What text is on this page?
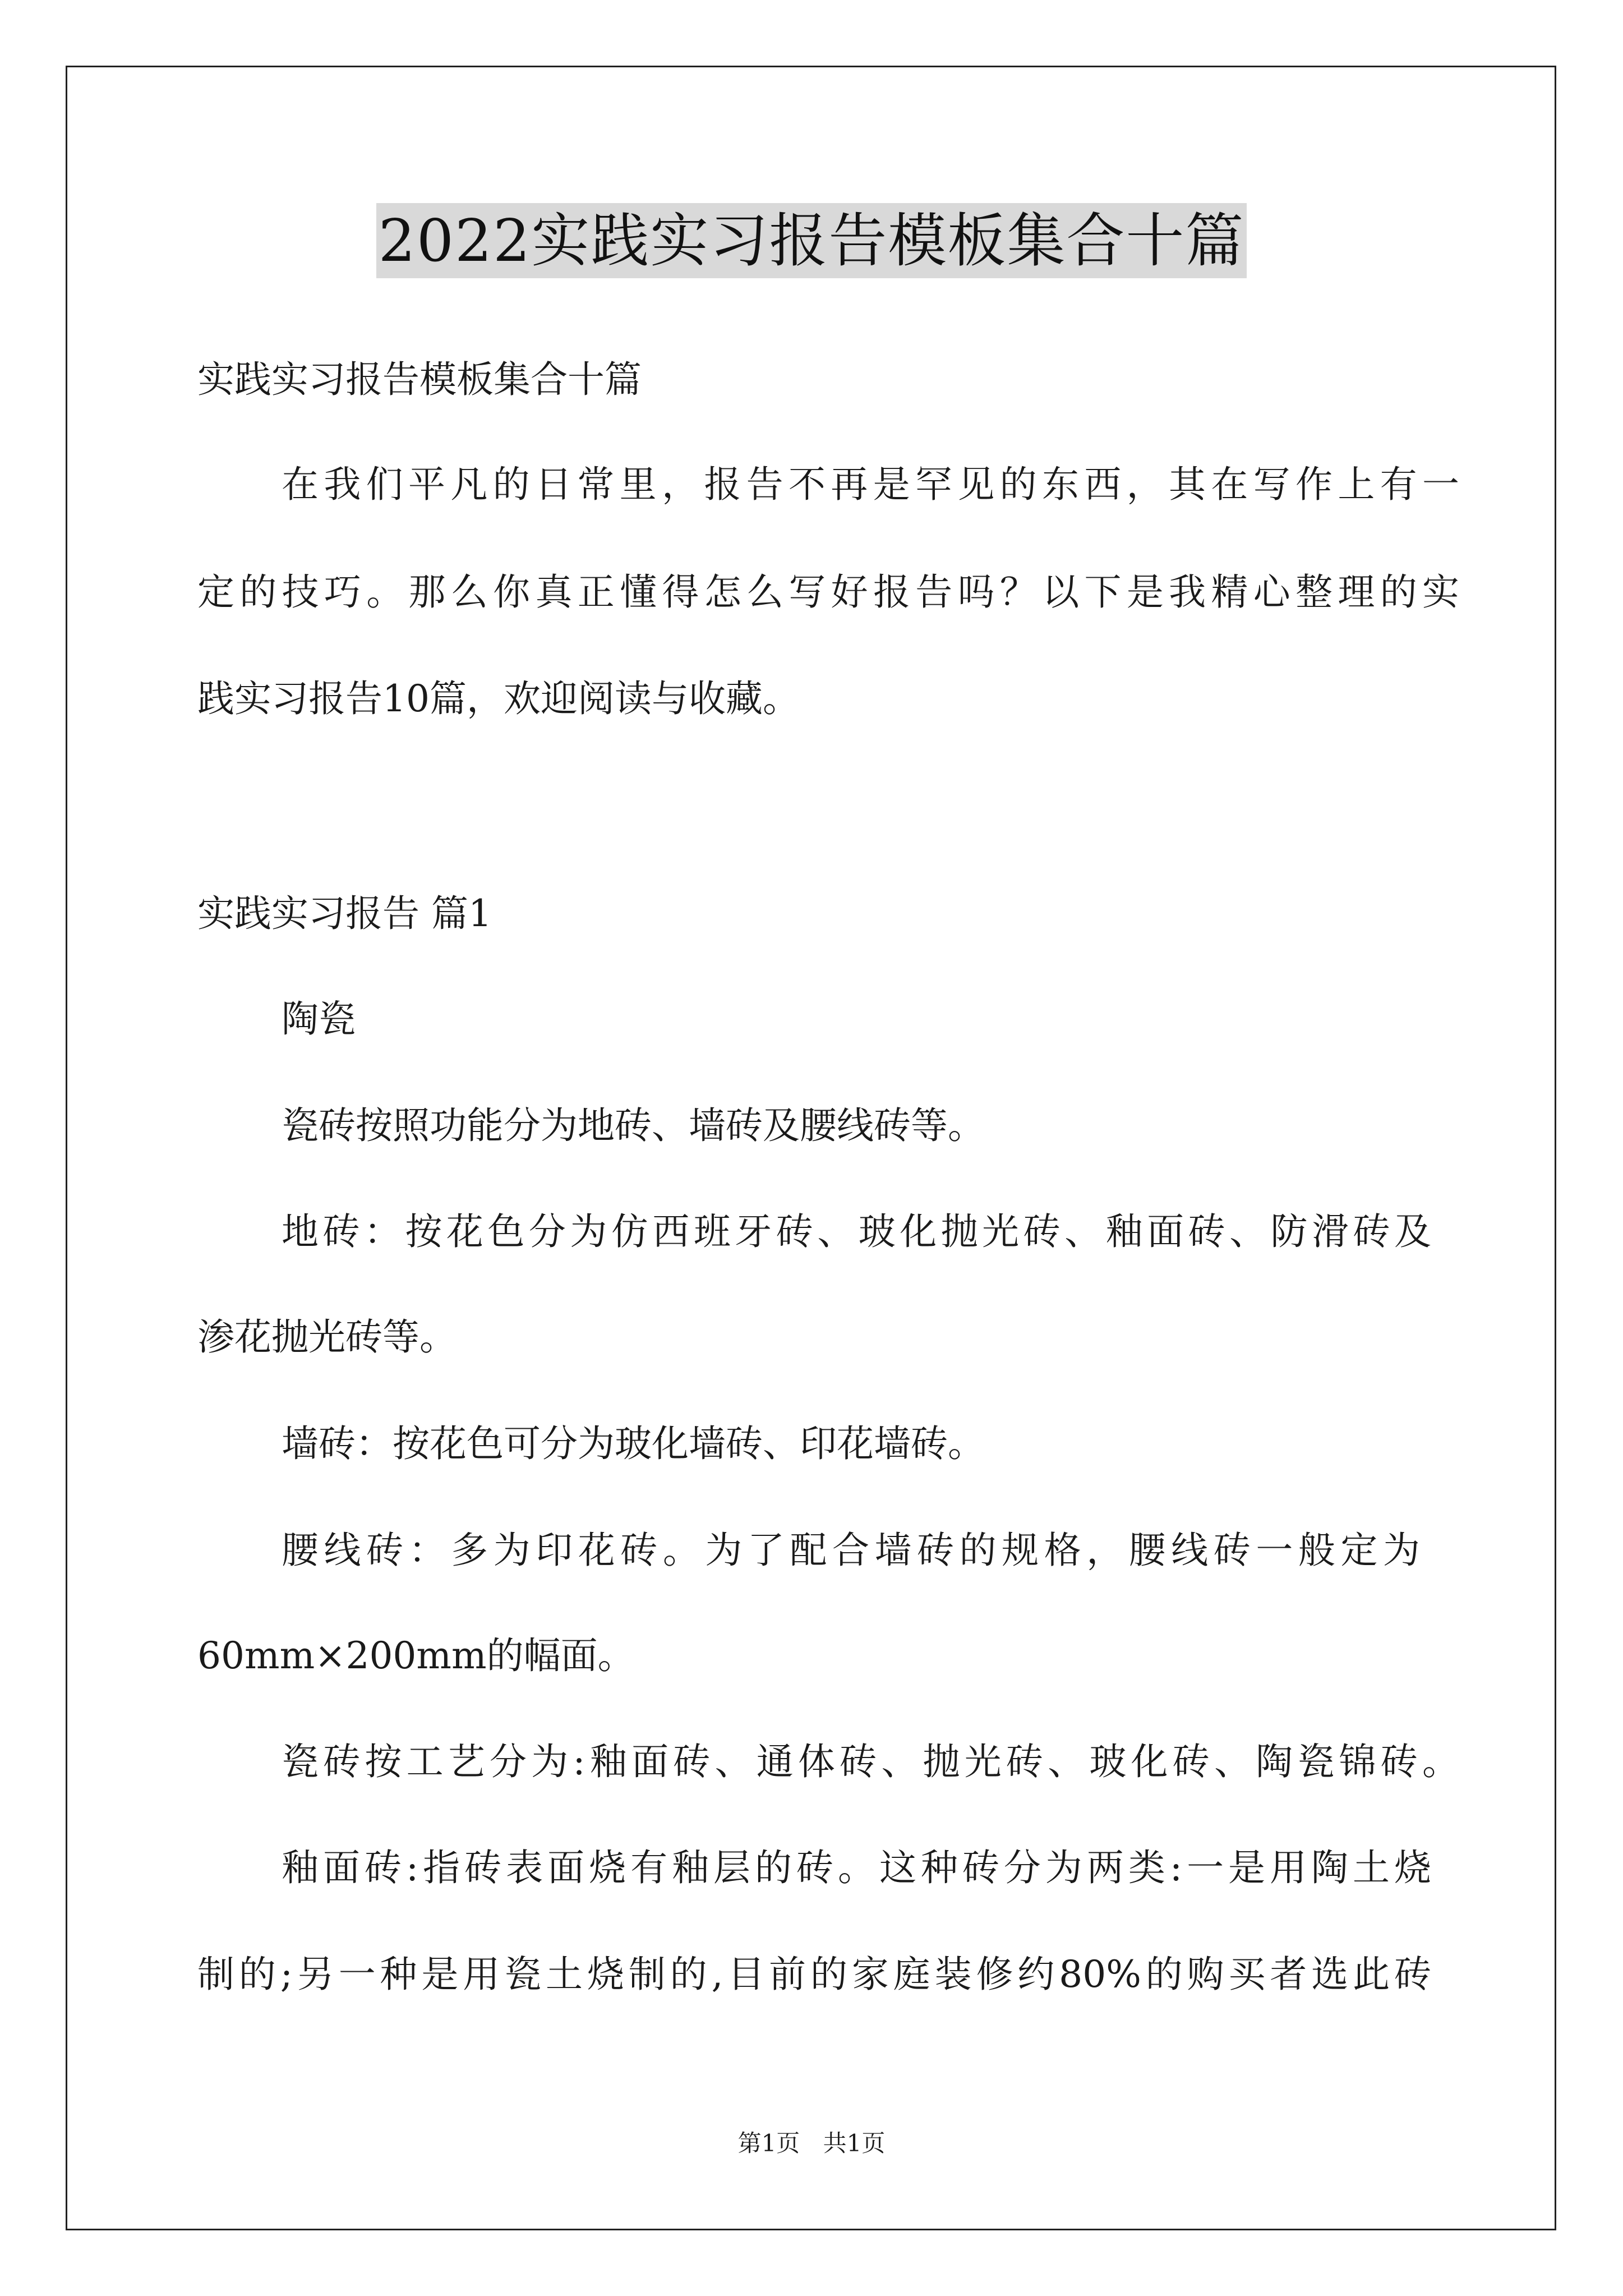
2022实践实习报告模板集合十篇
实践实习报告模板集合十篇
在我们平凡的日常里，报告不再是罕见的东西，其在写作上有一
定的技巧。那么你真正懂得怎么写好报告吗？以下是我精心整理的实
践实习报告10篇，欢迎阅读与收藏。
实践实习报告 篇1
陶瓷
瓷砖按照功能分为地砖、墙砖及腰线砖等。
地砖：按花色分为仿西班牙砖、玻化抛光砖、釉面砖、防滑砖及
渗花抛光砖等。
墙砖：按花色可分为玻化墙砖、印花墙砖。
腰线砖：多为印花砖。为了配合墙砖的规格，腰线砖一般定为
60mm×200mm的幅面。
瓷砖按工艺分为:釉面砖、通体砖、抛光砖、玻化砖、陶瓷锦砖。
釉面砖:指砖表面烧有釉层的砖。这种砖分为两类:一是用陶土烧
制的;另一种是用瓷土烧制的,目前的家庭装修约80%的购买者选此砖
第1页 共1页
